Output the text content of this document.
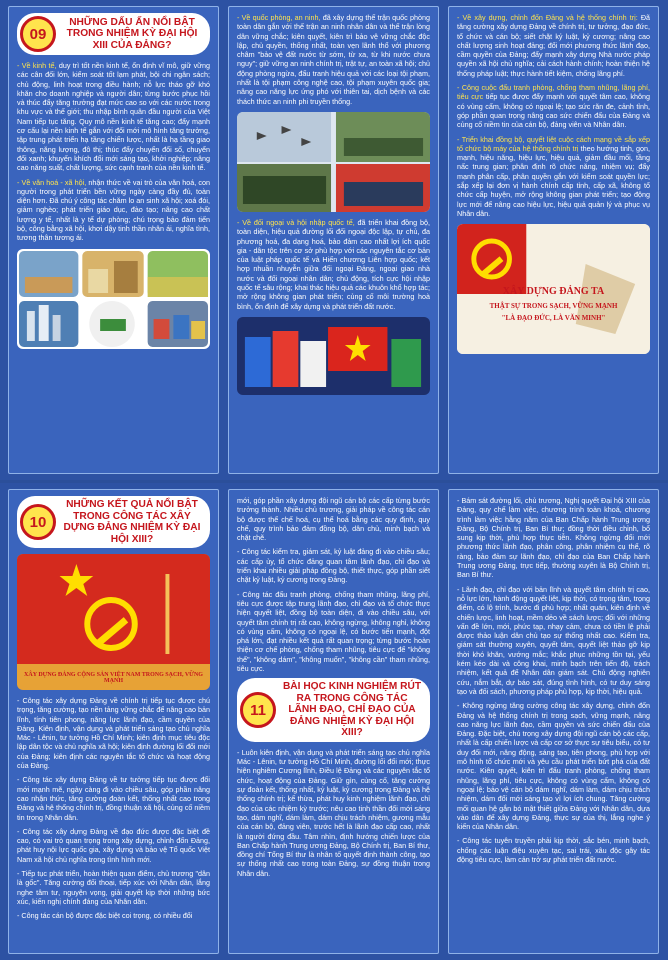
09
NHỮNG DẤU ẤN NỔI BẬT TRONG NHIỆM KỲ ĐẠI HỘI XIII CỦA ĐẢNG?

- Về kinh tế, duy trì tốt nền kinh tế, ổn định vĩ mô, giữ vững các cân đối lớn, kiểm soát tốt lạm phát, bội chi ngân sách; chủ động, linh hoạt trong điều hành; nỗ lực tháo gỡ khó khăn cho doanh nghiệp và người dân; từng bước phục hồi và thúc đẩy tăng trưởng đạt mức cao so với các nước trong khu vực và thế giới; thu nhập bình quân đầu người của Việt Nam tiếp tục tăng. Quy mô nền kinh tế tăng cao; đẩy mạnh cơ cấu lại nền kinh tế gắn với đổi mới mô hình tăng trưởng, tập trung phát triển hạ tầng chiến lược, nhất là hạ tầng giao thông, năng lượng, đô thị; thúc đẩy chuyển đổi số, chuyển đổi xanh; khuyến khích đổi mới sáng tạo, khởi nghiệp; nâng cao năng suất, chất lượng, sức cạnh tranh của nền kinh tế.

- Về văn hoá - xã hội, nhận thức về vai trò của văn hoá, con người trong phát triển bền vững ngày càng đầy đủ, toàn diện hơn. Đã chú ý công tác chăm lo an sinh xã hội; xoá đói, giảm nghèo; phát triển giáo dục, đào tạo; nâng cao chất lượng y tế, nhất là y tế dự phòng; chú trọng bảo đảm tiến bộ, công bằng xã hội, khơi dậy tinh thần nhân ái, nghĩa tình, tương thân tương ái.

- Về quốc phòng, an ninh, đã xây dựng thế trận quốc phòng toàn dân gắn với thế trận an ninh nhân dân và thế trận lòng dân vững chắc; kiên quyết, kiên trì bảo vệ vững chắc độc lập, chủ quyền, thống nhất, toàn vẹn lãnh thổ với phương châm "bảo vệ đất nước từ sớm, từ xa, từ khi nước chưa nguy"; giữ vững an ninh chính trị, trật tự, an toàn xã hội; chủ động phòng ngừa, đấu tranh hiệu quả với các loại tội phạm, nhất là tội phạm công nghệ cao, tội phạm xuyên quốc gia; nâng cao năng lực ứng phó với thiên tai, dịch bệnh và các thách thức an ninh phi truyền thống.

- Về đối ngoại và hội nhập quốc tế, đã triển khai đồng bộ, toàn diện, hiệu quả đường lối đối ngoại độc lập, tự chủ, đa phương hoá, đa dạng hoá, bảo đảm cao nhất lợi ích quốc gia - dân tộc trên cơ sở phù hợp với các nguyên tắc cơ bản của luật pháp quốc tế và Hiến chương Liên hợp quốc; kết hợp nhuần nhuyễn giữa đối ngoại Đảng, ngoại giao nhà nước và đối ngoại nhân dân; chủ động, tích cực hội nhập quốc tế sâu rộng; khai thác hiệu quả các khuôn khổ hợp tác; mở rộng không gian phát triển; củng cố môi trường hoà bình, ổn định để xây dựng và phát triển đất nước.

- Về xây dựng, chỉnh đốn Đảng và hệ thống chính trị: Đã tăng cường xây dựng Đảng về chính trị, tư tưởng, đạo đức, tổ chức và cán bộ; siết chặt kỷ luật, kỷ cương; nâng cao chất lượng sinh hoạt đảng; đổi mới phương thức lãnh đạo, cầm quyền của Đảng; đẩy mạnh xây dựng Nhà nước pháp quyền xã hội chủ nghĩa; cải cách hành chính; hoàn thiện hệ thống pháp luật; thực hành tiết kiệm, chống lãng phí.

- Công cuộc đấu tranh phòng, chống tham nhũng, lãng phí, tiêu cực tiếp tục được đẩy mạnh với quyết tâm cao, không có vùng cấm, không có ngoại lệ; tạo sức răn đe, cảnh tỉnh, góp phần quan trọng nâng cao sức chiến đấu của Đảng và củng cố niềm tin của cán bộ, đảng viên và Nhân dân.

- Triển khai đồng bộ, quyết liệt cuộc cách mạng về sắp xếp tổ chức bộ máy của hệ thống chính trị theo hướng tinh, gọn, mạnh, hiệu năng, hiệu lực, hiệu quả, giảm đầu mối, tầng nấc trung gian; phân định rõ chức năng, nhiệm vụ; đẩy mạnh phân cấp, phân quyền gắn với kiểm soát quyền lực; sắp xếp lại đơn vị hành chính cấp tỉnh, cấp xã, không tổ chức cấp huyện, mở rộng không gian phát triển; tạo động lực mới để nâng cao hiệu lực, hiệu quả quản lý và phục vụ Nhân dân.

XÂY DỰNG ĐẢNG TA
THẬT SỰ TRONG SẠCH, VỮNG MẠNH
"LÀ ĐẠO ĐỨC, LÀ VĂN MINH"
10
NHỮNG KẾT QUẢ NỔI BẬT TRONG CÔNG TÁC XÂY DỰNG ĐẢNG NHIỆM KỲ ĐẠI HỘI XIII?
XÂY DỰNG ĐẢNG CỘNG SẢN VIỆT NAM TRONG SẠCH, VỮNG MẠNH

- Công tác xây dựng Đảng về chính trị tiếp tục được chú trọng, tăng cường, tạo nền tảng vững chắc để nâng cao bản lĩnh, tính tiên phong, năng lực lãnh đạo, cầm quyền của Đảng. Kiên định, vận dụng và phát triển sáng tạo chủ nghĩa Mác - Lênin, tư tưởng Hồ Chí Minh; kiên định mục tiêu độc lập dân tộc và chủ nghĩa xã hội; kiên định đường lối đổi mới của Đảng; kiên định các nguyên tắc tổ chức và hoạt động của Đảng.

- Công tác xây dựng Đảng về tư tưởng tiếp tục được đổi mới mạnh mẽ, ngày càng đi vào chiều sâu, góp phần nâng cao nhận thức, tăng cường đoàn kết, thống nhất cao trong Đảng và hệ thống chính trị, đồng thuận xã hội, củng cố niềm tin trong Nhân dân.

- Công tác xây dựng Đảng về đạo đức được đặc biệt đề cao, có vai trò quan trọng trong xây dựng, chỉnh đốn Đảng, phát huy nội lực quốc gia, xây dựng và bảo vệ Tổ quốc Việt Nam xã hội chủ nghĩa trong tình hình mới.

- Tiếp tục phát triển, hoàn thiện quan điểm, chủ trương "dân là gốc". Tăng cường đối thoại, tiếp xúc với Nhân dân, lắng nghe tâm tư, nguyện vọng, giải quyết kịp thời những bức xúc, kiến nghị chính đáng của Nhân dân.

- Công tác cán bộ được đặc biệt coi trọng, có nhiều đổi

mới, góp phần xây dựng đội ngũ cán bộ các cấp từng bước trưởng thành. Nhiều chủ trương, giải pháp về công tác cán bộ được thể chế hoá, cụ thể hoá bằng các quy định, quy chế, quy trình bảo đảm đồng bộ, dân chủ, minh bạch và chặt chẽ.

- Công tác kiểm tra, giám sát, kỷ luật đảng đi vào chiều sâu; các cấp ủy, tổ chức đảng quan tâm lãnh đạo, chỉ đạo và triển khai nhiều giải pháp đồng bộ, thiết thực, góp phần siết chặt kỷ luật, kỷ cương trong Đảng.

- Công tác đấu tranh phòng, chống tham nhũng, lãng phí, tiêu cực được tập trung lãnh đạo, chỉ đạo và tổ chức thực hiện quyết liệt, đồng bộ toàn diện, đi vào chiều sâu, với quyết tâm chính trị rất cao, không ngừng, không nghỉ, không có vùng cấm, không có ngoại lệ, có bước tiến mạnh, đột phá lớn, đạt nhiều kết quả rất quan trọng; từng bước hoàn thiện cơ chế phòng, chống tham nhũng, tiêu cực để "không thể", "không dám", "không muốn", "không cần" tham nhũng, tiêu cực.

11
BÀI HỌC KINH NGHIỆM RÚT RA TRONG CÔNG TÁC LÃNH ĐẠO, CHỈ ĐẠO CỦA ĐẢNG NHIỆM KỲ ĐẠI HỘI XIII?

- Luôn kiên định, vận dụng và phát triển sáng tạo chủ nghĩa Mác - Lênin, tư tưởng Hồ Chí Minh, đường lối đổi mới; thực hiện nghiêm Cương lĩnh, Điều lệ Đảng và các nguyên tắc tổ chức, hoạt động của Đảng. Giữ gìn, củng cố, tăng cường sự đoàn kết, thống nhất, kỷ luật, kỷ cương trong Đảng và hệ thống chính trị; kế thừa, phát huy kinh nghiệm lãnh đạo, chỉ đạo của các nhiệm kỳ trước; nêu cao tinh thần đổi mới sáng tạo, dám nghĩ, dám làm, dám chịu trách nhiệm, gương mẫu của cán bộ, đảng viên, trước hết là lãnh đạo cấp cao, nhất là người đứng đầu. Tâm nhìn, định hướng chiến lược của Ban Chấp hành Trung ương Đảng, Bộ Chính trị, Ban Bí thư, đồng chí Tổng Bí thư là nhân tố quyết định thành công, tạo sự thống nhất cao trong toàn Đảng, sự đồng thuận trong Nhân dân.

- Bám sát đường lối, chủ trương, Nghị quyết Đại hội XIII của Đảng, quy chế làm việc, chương trình toàn khoá, chương trình làm việc hằng năm của Ban Chấp hành Trung ương Đảng, Bộ Chính trị, Ban Bí thư; đồng thời điều chỉnh, bổ sung kịp thời, phù hợp thực tiễn. Không ngừng đổi mới phương thức lãnh đạo, phân công, phân nhiệm cụ thể, rõ ràng, bảo đảm sự lãnh đạo, chỉ đạo của Ban Chấp hành Trung ương Đảng, trực tiếp, thường xuyên là Bộ Chính trị, Ban Bí thư.

- Lãnh đạo, chỉ đạo với bản lĩnh và quyết tâm chính trị cao, nỗ lực lớn, hành động quyết liệt, kịp thời, có trọng tâm, trọng điểm, có lộ trình, bước đi phù hợp; nhất quán, kiên định về chiến lược, linh hoạt, mềm dẻo về sách lược; đối với những vấn đề lớn, mới, phức tạp, nhạy cảm, chưa có tiền lệ phải được thảo luận dân chủ tạo sự thống nhất cao. Kiểm tra, giám sát thường xuyên, quyết tâm, quyết liệt thảo gỡ kịp thời khó khăn, vướng mắc; khắc phục những tồn tại, yếu kém kéo dài và công khai, minh bạch trên tiến độ, trách nhiệm, kết quả để Nhân dân giám sát. Chủ động nghiên cứu, nắm bắt, dự báo sát, đúng tình hình, có tư duy sáng tạo và đối sách, phương pháp phù hợp, kịp thời, hiệu quả.

- Không ngừng tăng cường công tác xây dựng, chỉnh đốn Đảng và hệ thống chính trị trong sạch, vững mạnh, nâng cao năng lực lãnh đạo, cầm quyền và sức chiến đấu của Đảng. Đặc biệt, chú trọng xây dựng đội ngũ cán bộ các cấp, nhất là cấp chiến lược và cấp cơ sở thực sự tiêu biểu, có tư duy đổi mới, năng động, sáng tạo, tiên phong, phù hợp với mô hình tổ chức mới và yêu cầu phát triển bứt phá của đất nước. Kiên quyết, kiên trì đấu tranh phòng, chống tham nhũng, lãng phí, tiêu cực, không có vùng cấm, không có ngoại lệ; bảo vệ cán bộ dám nghĩ, dám làm, dám chịu trách nhiệm, dám đổi mới sáng tạo vì lợi ích chung. Tăng cường mối quan hệ gắn bó mật thiết giữa Đảng với Nhân dân, dựa vào dân để xây dựng Đảng, thực sự của thị, lắng nghe ý kiến của Nhân dân.

- Công tác tuyên truyền phải kịp thời, sắc bén, minh bạch, chống các luận điệu xuyên tạc, sai trái, xâu độc gây tác động tiêu cực, làm cản trở sự phát triển đất nước.
